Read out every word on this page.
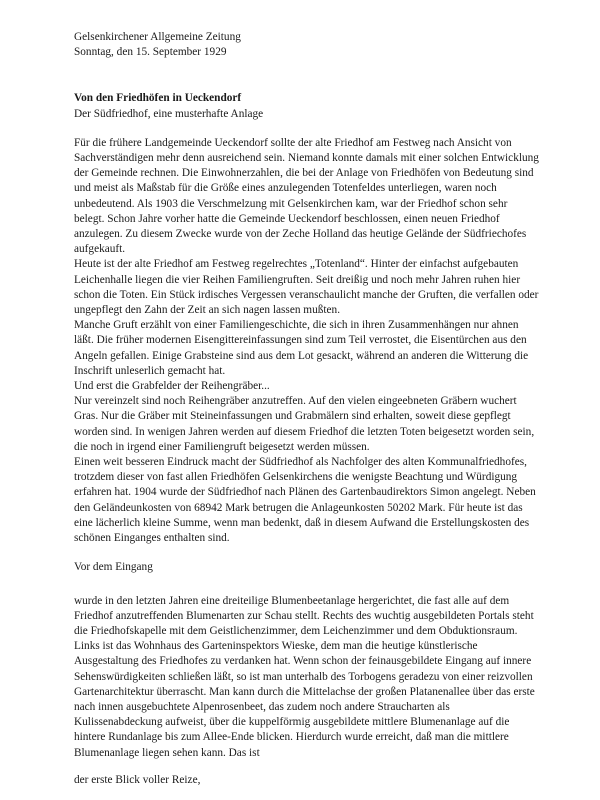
Gelsenkirchener Allgemeine Zeitung
Sonntag, den 15. September 1929
Von den Friedhöfen in Ueckendorf
Der Südfriedhof, eine musterhafte Anlage

Für die frühere Landgemeinde Ueckendorf sollte der alte Friedhof am Festweg nach Ansicht von Sachverständigen mehr denn ausreichend sein. Niemand konnte damals mit einer solchen Entwicklung der Gemeinde rechnen. Die Einwohnerzahlen, die bei der Anlage von Friedhöfen von Bedeutung sind und meist als Maßstab für die Größe eines anzulegenden Totenfeldes unterliegen, waren noch unbedeutend. Als 1903 die Verschmelzung mit Gelsenkirchen kam, war der Friedhof schon sehr belegt. Schon Jahre vorher hatte die Gemeinde Ueckendorf beschlossen, einen neuen Friedhof anzulegen. Zu diesem Zwecke wurde von der Zeche Holland das heutige Gelände der Südfriechofes aufgekauft.

Heute ist der alte Friedhof am Festweg regelrechtes „Totenland“. Hinter der einfachst aufgebauten Leichenhalle liegen die vier Reihen Familiengruften. Seit dreißig und noch mehr Jahren ruhen hier schon die Toten. Ein Stück irdisches Vergessen veranschaulicht manche der Gruften, die verfallen oder ungepflegt den Zahn der Zeit an sich nagen lassen mußten.

Manche Gruft erzählt von einer Familiengeschichte, die sich in ihren Zusammenhängen nur ahnen läßt. Die früher modernen Eisengittereinfassungen sind zum Teil verrostet, die Eisentürchen aus den Angeln gefallen. Einige Grabsteine sind aus dem Lot gesackt, während an anderen die Witterung die Inschrift unleserlich gemacht hat.

Und erst die Grabfelder der Reihengräber...

Nur vereinzelt sind noch Reihengräber anzutreffen. Auf den vielen eingeebneten Gräbern wuchert Gras. Nur die Gräber mit Steineinfassungen und Grabmälern sind erhalten, soweit diese gepflegt worden sind. In wenigen Jahren werden auf diesem Friedhof die letzten Toten beigesetzt worden sein, die noch in irgend einer Familiengruft beigesetzt werden müssen.

Einen weit besseren Eindruck macht der Südfriedhof als Nachfolger des alten Kommunalfriedhofes, trotzdem dieser von fast allen Friedhöfen Gelsenkirchens die wenigste Beachtung und Würdigung erfahren hat. 1904 wurde der Südfriedhof nach Plänen des Gartenbaudirektors Simon angelegt. Neben den Geländeunkosten von 68942 Mark betrugen die Anlageunkosten 50202 Mark. Für heute ist das eine lächerlich kleine Summe, wenn man bedenkt, daß in diesem Aufwand die Erstellungskosten des schönen Einganges enthalten sind.

Vor dem Eingang

wurde in den letzten Jahren eine dreiteilige Blumenbeetanlage hergerichtet, die fast alle auf dem Friedhof anzutreffenden Blumenarten zur Schau stellt. Rechts des wuchtig ausgebildeten Portals steht die Friedhofskapelle mit dem Geistlichenzimmer, dem Leichenzimmer und dem Obduktionsraum. Links ist das Wohnhaus des Garteninspektors Wieske, dem man die heutige künstlerische Ausgestaltung des Friedhofes zu verdanken hat. Wenn schon der feinausgebildete Eingang auf innere Sehenswürdigkeiten schließen läßt, so ist man unterhalb des Torbogens geradezu von einer reizvollen Gartenarchitektur überrascht. Man kann durch die Mittelachse der großen Platanenallee über das erste nach innen ausgebuchtete Alpenrosenbeet, das zudem noch andere Straucharten als Kulissenabdeckung aufweist, über die kuppelförmig ausgebildete mittlere Blumenanlage auf die hintere Rundanlage bis zum Allee-Ende blicken. Hierdurch wurde erreicht, daß man die mittlere Blumenanlage liegen sehen kann. Das ist

der erste Blick voller Reize,
